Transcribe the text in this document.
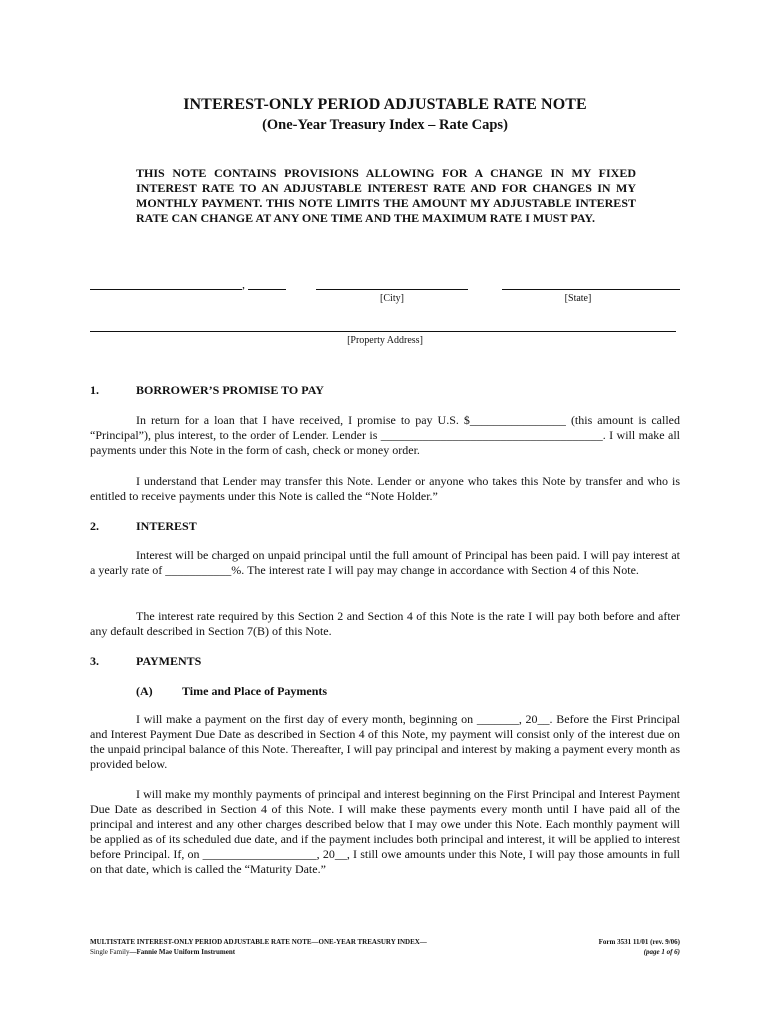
INTEREST-ONLY PERIOD ADJUSTABLE RATE NOTE
(One-Year Treasury Index – Rate Caps)
THIS NOTE CONTAINS PROVISIONS ALLOWING FOR A CHANGE IN MY FIXED INTEREST RATE TO AN ADJUSTABLE INTEREST RATE AND FOR CHANGES IN MY MONTHLY PAYMENT. THIS NOTE LIMITS THE AMOUNT MY ADJUSTABLE INTEREST RATE CAN CHANGE AT ANY ONE TIME AND THE MAXIMUM RATE I MUST PAY.
,
[City]	[State]
[Property Address]
1.	BORROWER’S PROMISE TO PAY
In return for a loan that I have received, I promise to pay U.S. $________________ (this amount is called “Principal”), plus interest, to the order of Lender. Lender is _____________________________________. I will make all payments under this Note in the form of cash, check or money order.
I understand that Lender may transfer this Note. Lender or anyone who takes this Note by transfer and who is entitled to receive payments under this Note is called the “Note Holder.”
2.	INTEREST
Interest will be charged on unpaid principal until the full amount of Principal has been paid. I will pay interest at a yearly rate of ___________%. The interest rate I will pay may change in accordance with Section 4 of this Note.
The interest rate required by this Section 2 and Section 4 of this Note is the rate I will pay both before and after any default described in Section 7(B) of this Note.
3.	PAYMENTS
(A) Time and Place of Payments
I will make a payment on the first day of every month, beginning on _______, 20__. Before the First Principal and Interest Payment Due Date as described in Section 4 of this Note, my payment will consist only of the interest due on the unpaid principal balance of this Note. Thereafter, I will pay principal and interest by making a payment every month as provided below.
I will make my monthly payments of principal and interest beginning on the First Principal and Interest Payment Due Date as described in Section 4 of this Note. I will make these payments every month until I have paid all of the principal and interest and any other charges described below that I may owe under this Note. Each monthly payment will be applied as of its scheduled due date, and if the payment includes both principal and interest, it will be applied to interest before Principal. If, on ___________________, 20__, I still owe amounts under this Note, I will pay those amounts in full on that date, which is called the “Maturity Date.”
MULTISTATE INTEREST-ONLY PERIOD ADJUSTABLE RATE NOTE—ONE-YEAR TREASURY INDEX—
Single Family—Fannie Mae Uniform Instrument
Form 3531 11/01 (rev. 9/06)
(page 1 of 6)
